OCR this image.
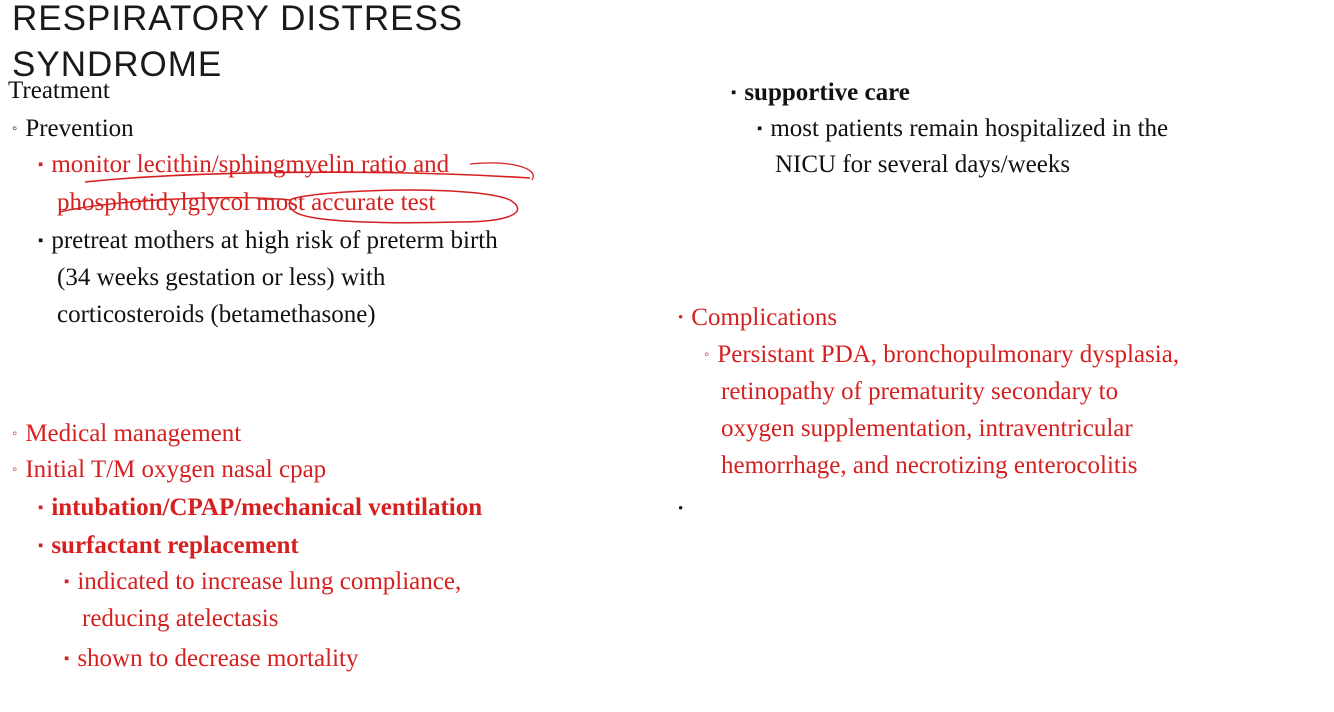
RESPIRATORY DISTRESS
SYNDROME
Treatment
◦ Prevention
▪ monitor lecithin/sphingmyelin ratio and
phosphotidylglycol most accurate test
▪ pretreat mothers at high risk of preterm birth
(34 weeks gestation or less) with
corticosteroids (betamethasone)
◦ Medical management
◦ Initial T/M oxygen nasal cpap
▪ intubation/CPAP/mechanical ventilation
▪ surfactant replacement
▪ indicated to increase lung compliance,
reducing atelectasis
▪ shown to decrease mortality
▪ supportive care
▪ most patients remain hospitalized in the
NICU for several days/weeks
• Complications
◦ Persistant PDA, bronchopulmonary dysplasia,
retinopathy of prematurity secondary to
oxygen supplementation, intraventricular
hemorrhage, and necrotizing enterocolitis
•
